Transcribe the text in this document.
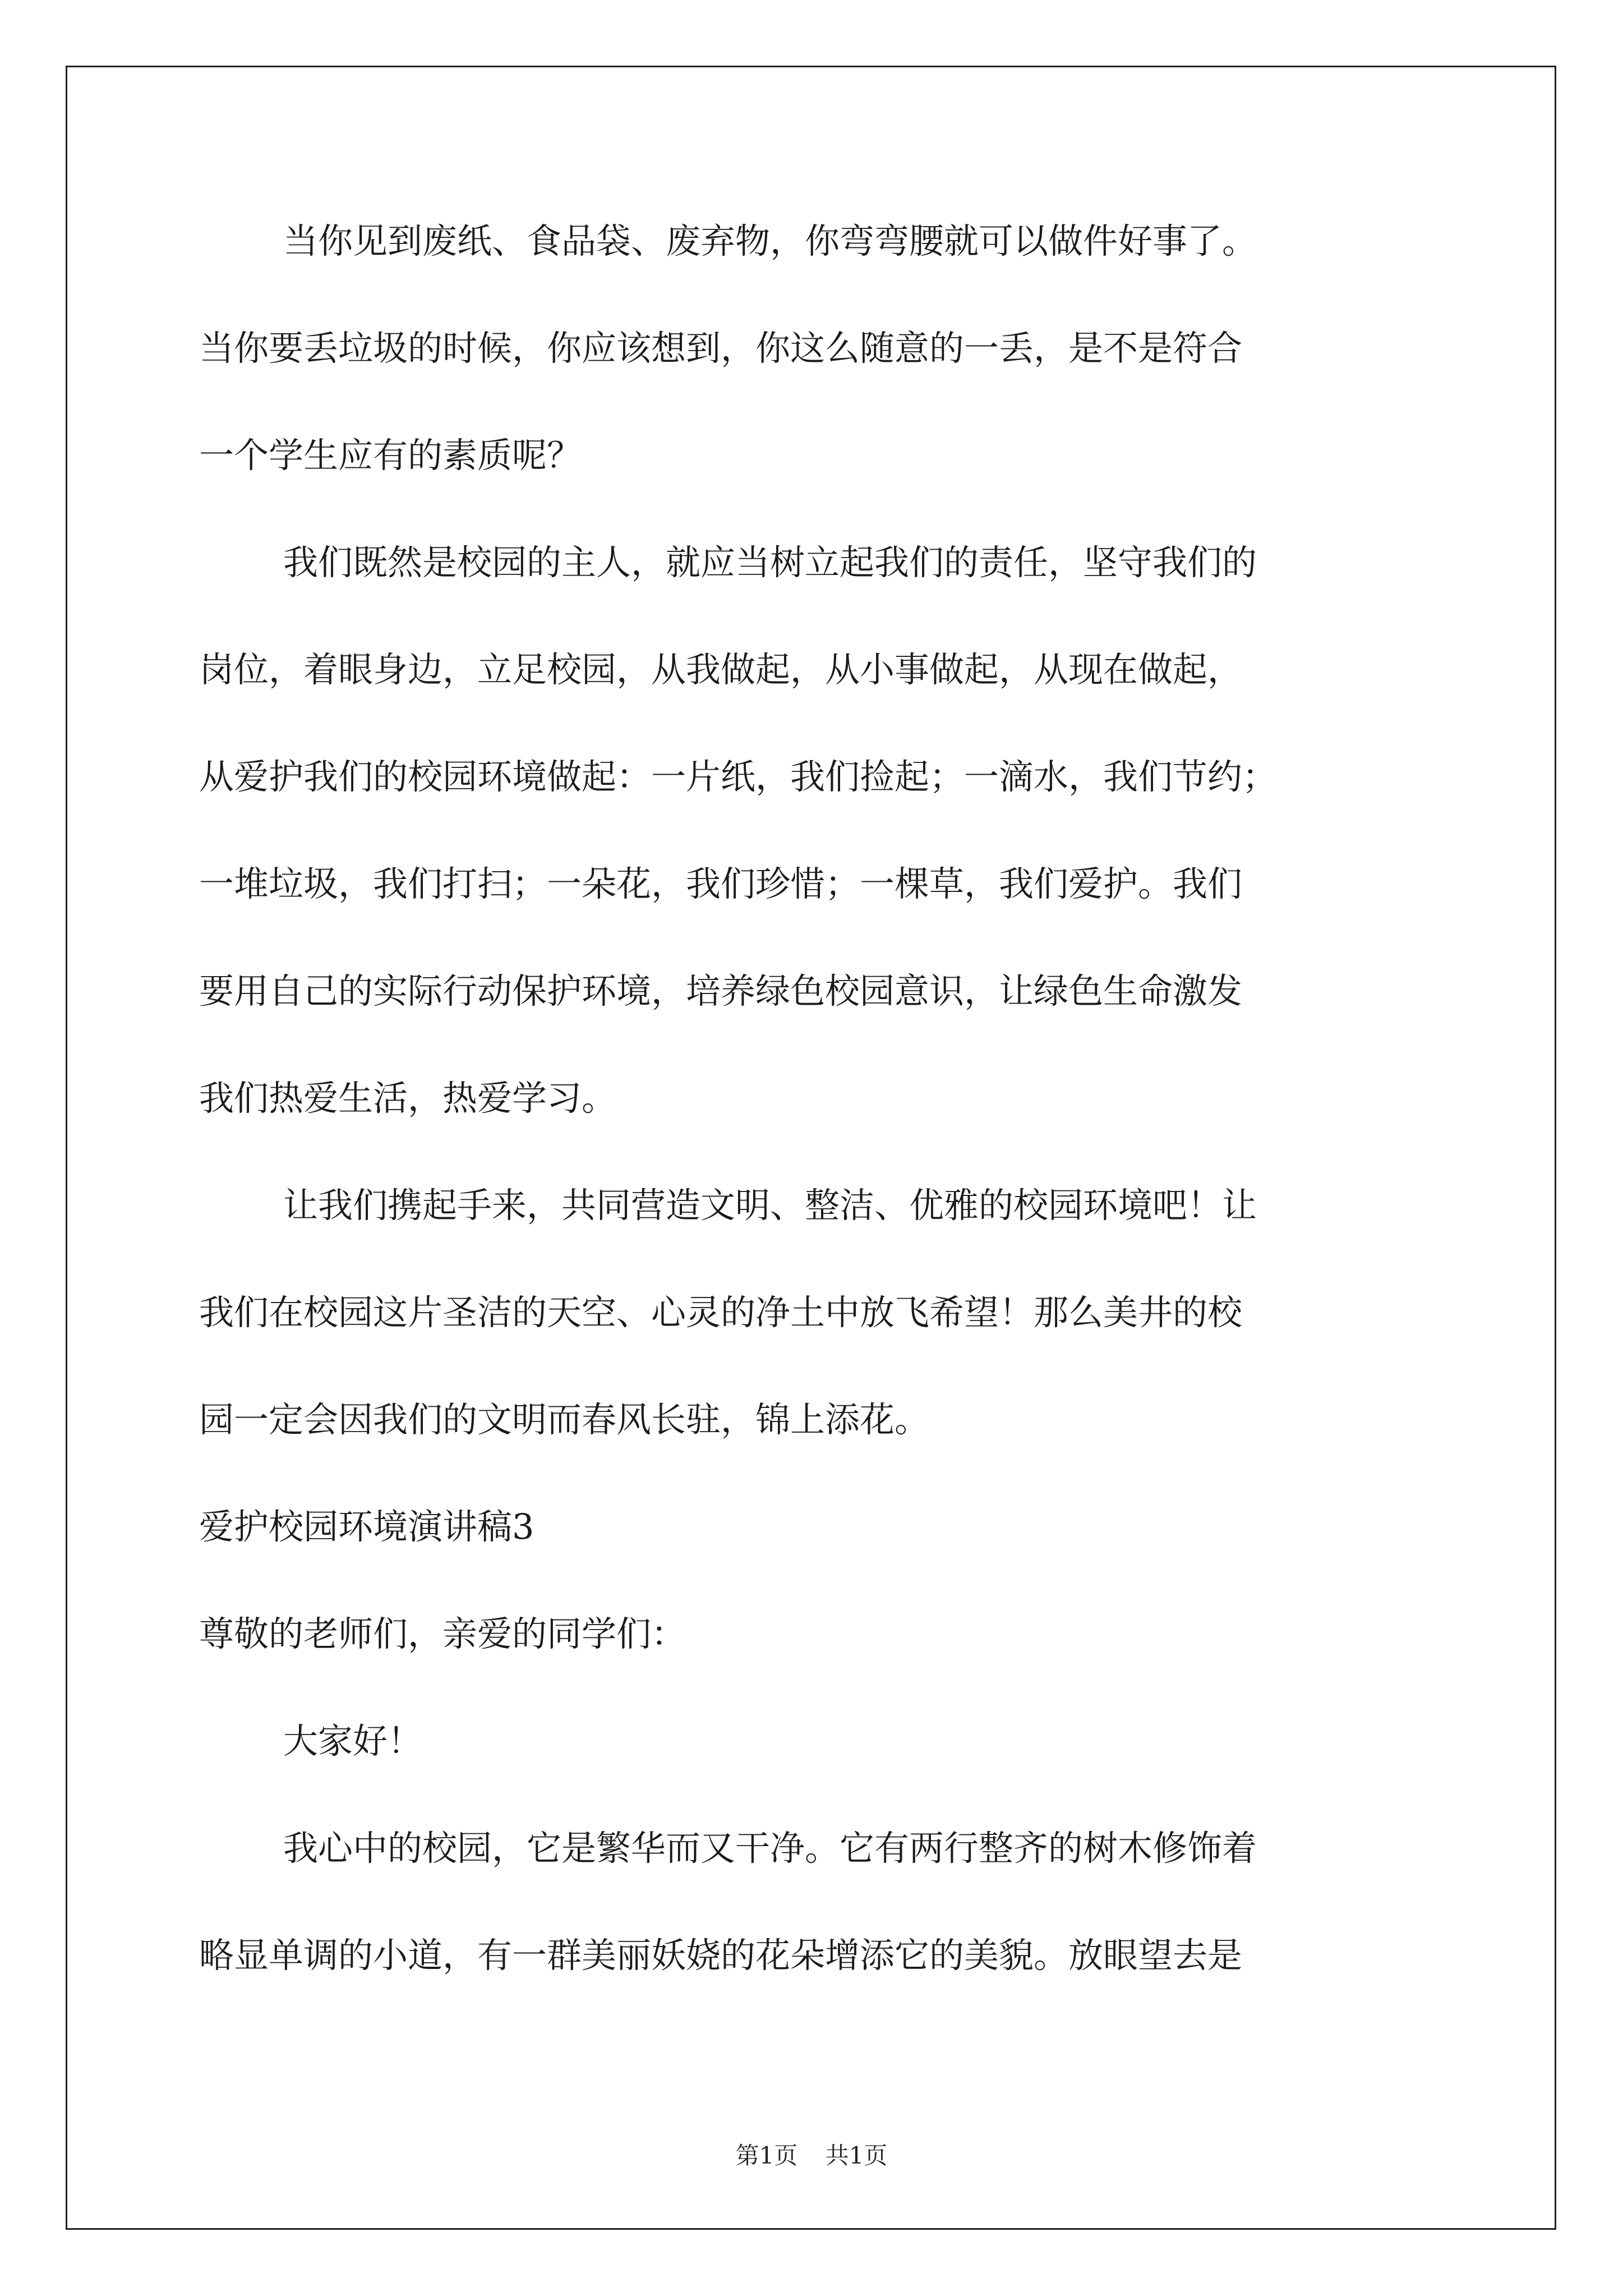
当你见到废纸、食品袋、废弃物，你弯弯腰就可以做件好事了。
当你要丢垃圾的时候，你应该想到，你这么随意的一丢，是不是符合
一个学生应有的素质呢？
我们既然是校园的主人，就应当树立起我们的责任，坚守我们的
岗位，着眼身边，立足校园，从我做起，从小事做起，从现在做起，
从爱护我们的校园环境做起：一片纸，我们捡起；一滴水，我们节约；
一堆垃圾，我们打扫；一朵花，我们珍惜；一棵草，我们爱护。我们
要用自己的实际行动保护环境，培养绿色校园意识，让绿色生命激发
我们热爱生活，热爱学习。
让我们携起手来，共同营造文明、整洁、优雅的校园环境吧！让
我们在校园这片圣洁的天空、心灵的净土中放飞希望！那么美井的校
园一定会因我们的文明而春风长驻，锦上添花。
爱护校园环境演讲稿3
尊敬的老师们，亲爱的同学们：
大家好！
我心中的校园，它是繁华而又干净。它有两行整齐的树木修饰着
略显单调的小道，有一群美丽妖娆的花朵增添它的美貌。放眼望去是
第1页 共1页
